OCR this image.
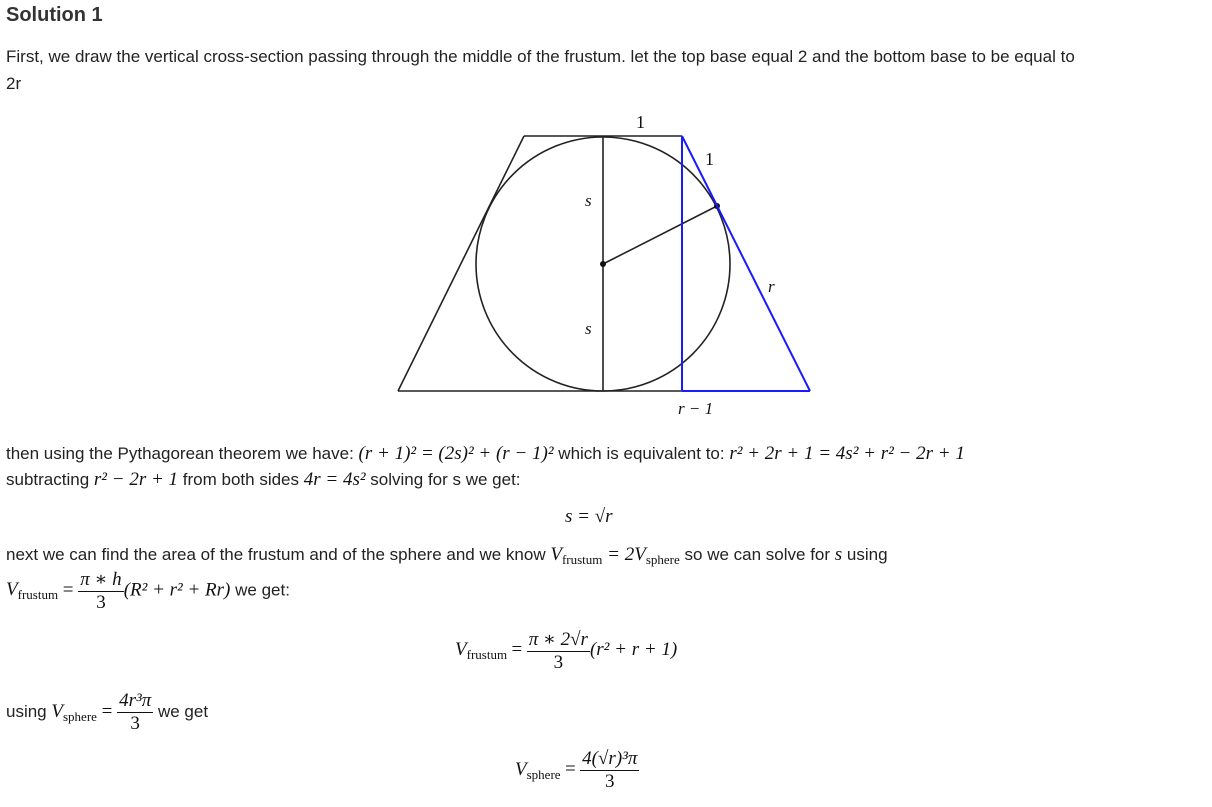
Solution 1
First, we draw the vertical cross-section passing through the middle of the frustum. let the top base equal 2 and the bottom base to be equal to
2r
1
1
s
s
r
r − 1
then using the Pythagorean theorem we have: (r + 1)² = (2s)² + (r − 1)² which is equivalent to: r² + 2r + 1 = 4s² + r² − 2r + 1
subtracting r² − 2r + 1 from both sides 4r = 4s² solving for s we get:
s = √r
next we can find the area of the frustum and of the sphere and we know $V_{frustum} = 2V_{sphere}$ so we can solve for s using
$V_{frustum} = \frac{\pi ∗ h}{3} (R^2 + r^2 + Rr)$ we get:
$V_{frustum} = \frac{\pi ∗ 2√r}{3} (r^2 + r + 1)$
using $V_{sphere} = \frac{\text{4r³π}}{3}$ we get
$V_{sphere} = \frac{\text{4(√r)³π}}{3}$
